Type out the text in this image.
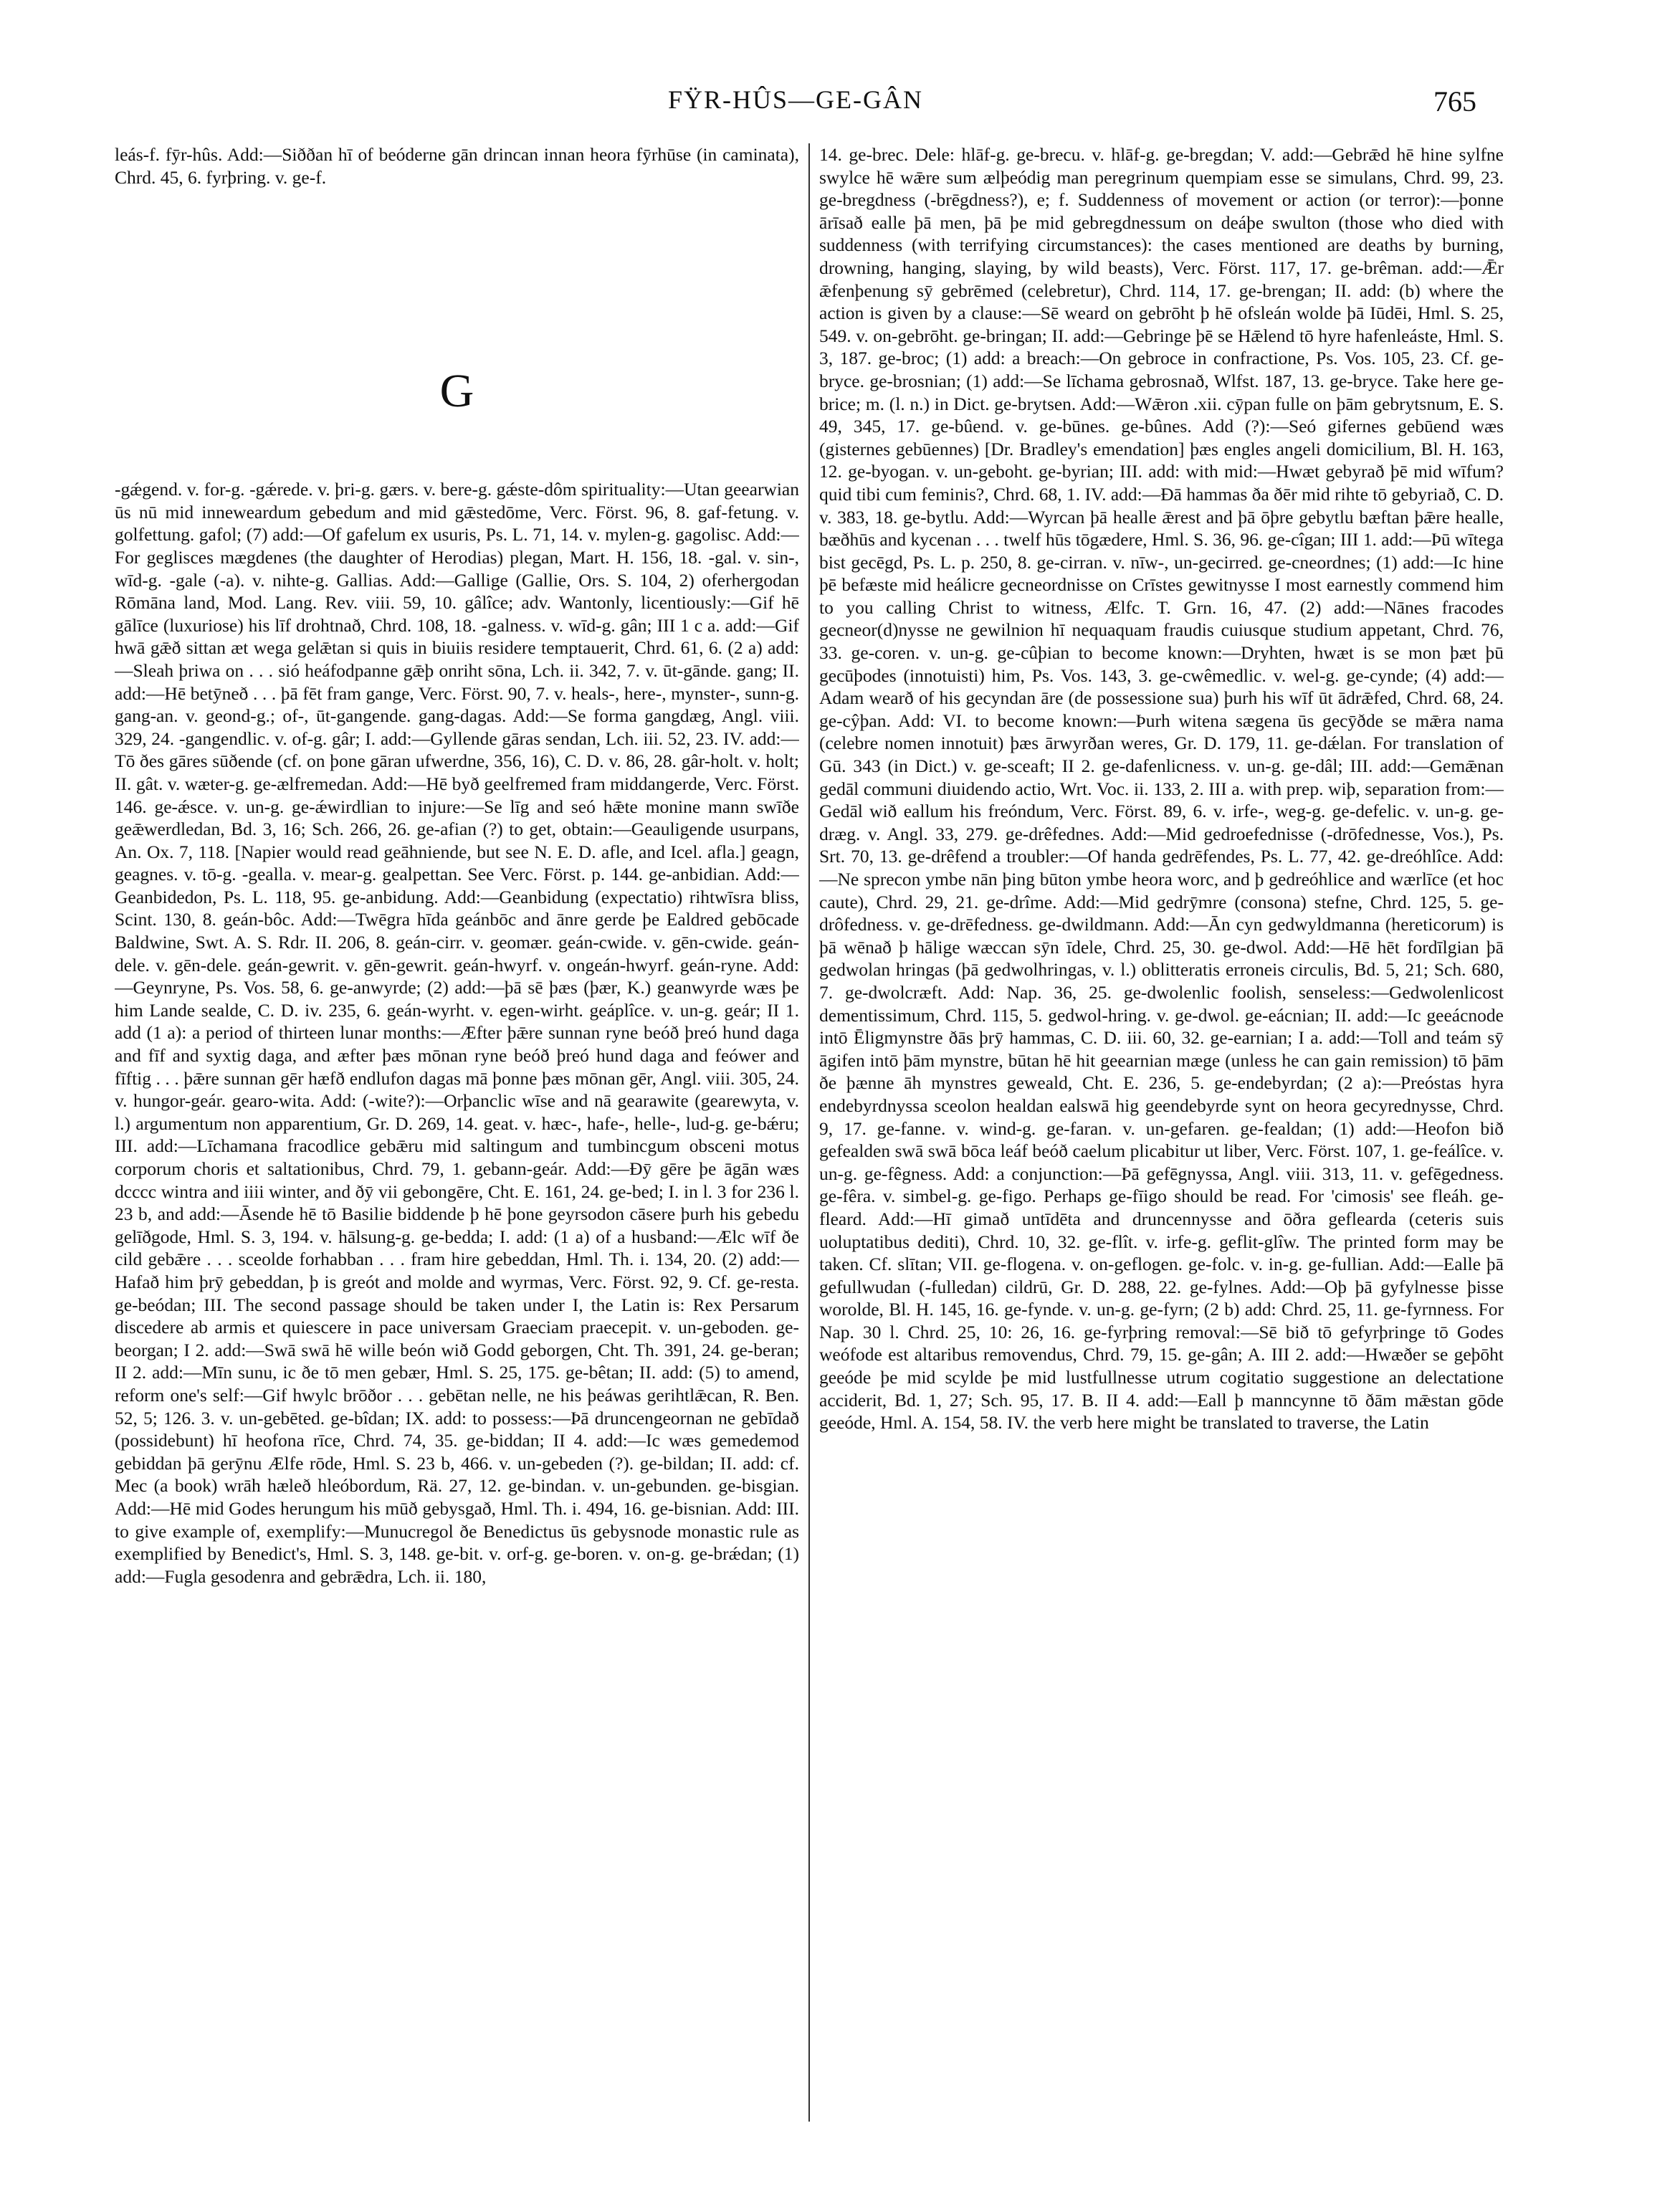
FŸR-HÛS—GE-GÂN	765

leás-f. fȳr-hûs. Add:—Siððan hī of beóderne gān drincan innan heora fȳrhūse (in caminata), Chrd. 45, 6. fyrþring. v. ge-f.

G

-gǽgend. v. for-g. -gǽrede. v. þri-g. gærs. v. bere-g. gǽste-dôm spirituality:—Utan geearwian ūs nū mid inneweardum gebedum and mid gǣstedōme, Verc. Först. 96, 8. gaf-fetung. v. golfettung. gafol; (7) add:—Of gafelum ex usuris, Ps. L. 71, 14. v. mylen-g. gagolisc. Add:—For geglisces mægdenes (the daughter of Herodias) plegan, Mart. H. 156, 18. -gal. v. sin-, wīd-g. -gale (-a). v. nihte-g. Gallias. Add:—Gallige (Gallie, Ors. S. 104, 2) oferhergodan Rōmāna land, Mod. Lang. Rev. viii. 59, 10. gâlîce; adv. Wantonly, licentiously:—Gif hē gālīce (luxuriose) his līf drohtnað, Chrd. 108, 18. -galness. v. wīd-g. gân; III 1 c a. add:—Gif hwā gǣð sittan æt wega gelǣtan si quis in biuiis residere temptauerit, Chrd. 61, 6. (2 a) add:—Sleah þriwa on . . . sió heáfodpanne gǣþ onriht sōna, Lch. ii. 342, 7. v. ūt-gānde. gang; II. add:—Hē betȳneð . . . þā fēt fram gange, Verc. Först. 90, 7. v. heals-, here-, mynster-, sunn-g. gang-an. v. geond-g.; of-, ūt-gangende. gang-dagas. Add:—Se forma gangdæg, Angl. viii. 329, 24. -gangendlic. v. of-g. gâr; I. add:—Gyllende gāras sendan, Lch. iii. 52, 23. IV. add:—Tō ðes gāres sūðende (cf. on þone gāran ufwerdne, 356, 16), C. D. v. 86, 28. gâr-holt. v. holt; II. gât. v. wæter-g. ge-ælfremedan. Add:—Hē byð geelfremed fram middangerde, Verc. Först. 146. ge-ǽsce. v. un-g. ge-ǽwirdlian to injure:—Se līg and seó hǣte monine mann swīðe geǣwerdledan, Bd. 3, 16; Sch. 266, 26. ge-afian (?) to get, obtain:—Geauligende usurpans, An. Ox. 7, 118. [Napier would read geāhniende, but see N. E. D. afle, and Icel. afla.] geagn, geagnes. v. tō-g. -gealla. v. mear-g. gealpettan. See Verc. Först. p. 144. ge-anbidian. Add:—Geanbidedon, Ps. L. 118, 95. ge-anbidung. Add:—Geanbidung (expectatio) rihtwīsra bliss, Scint. 130, 8. geán-bôc. Add:—Twēgra hīda geánbōc and ānre gerde þe Ealdred gebōcade Baldwine, Swt. A. S. Rdr. II. 206, 8. geán-cirr. v. geomær. geán-cwide. v. gēn-cwide. geán-dele. v. gēn-dele. geán-gewrit. v. gēn-gewrit. geán-hwyrf. v. ongeán-hwyrf. geán-ryne. Add:—Geynryne, Ps. Vos. 58, 6. ge-anwyrde; (2) add:—þā sē þæs (þær, K.) geanwyrde wæs þe him Lande sealde, C. D. iv. 235, 6. geán-wyrht. v. egen-wirht. geáplîce. v. un-g. geár; II 1. add (1 a): a period of thirteen lunar months:—Æfter þǣre sunnan ryne beóð þreó hund daga and fīf and syxtig daga, and æfter þæs mōnan ryne beóð þreó hund daga and feówer and fīftig . . . þǣre sunnan gēr hæfð endlufon dagas mā þonne þæs mōnan gēr, Angl. viii. 305, 24. v. hungor-geár. gearo-wita. Add: (-wite?):—Orþanclic wīse and nā gearawite (gearewyta, v. l.) argumentum non apparentium, Gr. D. 269, 14. geat. v. hæc-, hafe-, helle-, lud-g. ge-bǽru; III. add:—Līchamana fracodlice gebǣru mid saltingum and tumbincgum obsceni motus corporum choris et saltationibus, Chrd. 79, 1. gebann-geár. Add:—Ðȳ gēre þe āgān wæs dcccc wintra and iiii winter, and ðȳ vii gebongēre, Cht. E. 161, 24. ge-bed; I. in l. 3 for 236 l. 23 b, and add:—Āsende hē tō Basilie biddende þ hē þone geyrsodon cāsere þurh his gebedu gelīðgode, Hml. S. 3, 194. v. hālsung-g. ge-bedda; I. add: (1 a) of a husband:—Ælc wīf ðe cild gebǣre . . . sceolde forhabban . . . fram hire gebeddan, Hml. Th. i. 134, 20. (2) add:—Hafað him þrȳ gebeddan, þ is greót and molde and wyrmas, Verc. Först. 92, 9. Cf. ge-resta. ge-beódan; III. The second passage should be taken under I, the Latin is: Rex Persarum discedere ab armis et quiescere in pace universam Graeciam praecepit. v. un-geboden. ge-beorgan; I 2. add:—Swā swā hē wille beón wið Godd geborgen, Cht. Th. 391, 24. ge-beran; II 2. add:—Mīn sunu, ic ðe tō men gebær, Hml. S. 25, 175. ge-bêtan; II. add: (5) to amend, reform one's self:—Gif hwylc brōðor . . . gebētan nelle, ne his þeáwas gerihtlǣcan, R. Ben. 52, 5; 126. 3. v. un-gebēted. ge-bîdan; IX. add: to possess:—Þā druncengeornan ne gebīdað (possidebunt) hī heofona rīce, Chrd. 74, 35. ge-biddan; II 4. add:—Ic wæs gemedemod gebiddan þā gerȳnu Ælfe rōde, Hml. S. 23 b, 466. v. un-gebeden (?). ge-bildan; II. add: cf. Mec (a book) wrāh hæleð hleóbordum, Rä. 27, 12. ge-bindan. v. un-gebunden. ge-bisgian. Add:—Hē mid Godes herungum his mūð gebysgað, Hml. Th. i. 494, 16. ge-bisnian. Add: III. to give example of, exemplify:—Munucregol ðe Benedictus ūs gebysnode monastic rule as exemplified by Benedict's, Hml. S. 3, 148. ge-bit. v. orf-g. ge-boren. v. on-g. ge-brǽdan; (1) add:—Fugla gesodenra and gebrǣdra, Lch. ii. 180,

14. ge-brec. Dele: hlāf-g. ge-brecu. v. hlāf-g. ge-bregdan; V. add:—Gebrǣd hē hine sylfne swylce hē wǣre sum ælþeódig man peregrinum quempiam esse se simulans, Chrd. 99, 23. ge-bregdness (-brēgdness?), e; f. Suddenness of movement or action (or terror):—þonne ārīsað ealle þā men, þā þe mid gebregdnessum on deáþe swulton (those who died with suddenness (with terrifying circumstances): the cases mentioned are deaths by burning, drowning, hanging, slaying, by wild beasts), Verc. Först. 117, 17. ge-brêman. add:—Ǣr ǣfenþenung sȳ gebrēmed (celebretur), Chrd. 114, 17. ge-brengan; II. add: (b) where the action is given by a clause:—Sē weard on gebrōht þ hē ofsleán wolde þā Iūdēi, Hml. S. 25, 549. v. on-gebrōht. ge-bringan; II. add:—Gebringe þē se Hǣlend tō hyre hafenleáste, Hml. S. 3, 187. ge-broc; (1) add: a breach:—On gebroce in confractione, Ps. Vos. 105, 23. Cf. ge-bryce. ge-brosnian; (1) add:—Se līchama gebrosnað, Wlfst. 187, 13. ge-bryce. Take here ge-brice; m. (l. n.) in Dict. ge-brytsen. Add:—Wǣron .xii. cȳpan fulle on þām gebrytsnum, E. S. 49, 345, 17. ge-bûend. v. ge-būnes. ge-bûnes. Add (?):—Seó gifernes gebūend wæs (gisternes gebūennes) [Dr. Bradley's emendation] þæs engles angeli domicilium, Bl. H. 163, 12. ge-byogan. v. un-geboht. ge-byrian; III. add: with mid:—Hwæt gebyrað þē mid wīfum? quid tibi cum feminis?, Chrd. 68, 1. IV. add:—Ðā hammas ða ðēr mid rihte tō gebyriað, C. D. v. 383, 18. ge-bytlu. Add:—Wyrcan þā healle ǣrest and þā ōþre gebytlu bæftan þǣre healle, bæðhūs and kycenan . . . twelf hūs tōgædere, Hml. S. 36, 96. ge-cîgan; III 1. add:—Þū wītega bist gecēgd, Ps. L. p. 250, 8. ge-cirran. v. nīw-, un-gecirred. ge-cneordnes; (1) add:—Ic hine þē befæste mid heálicre gecneordnisse on Crīstes gewitnysse I most earnestly commend him to you calling Christ to witness, Ælfc. T. Grn. 16, 47. (2) add:—Nānes fracodes gecneor(d)nysse ne gewilnion hī nequaquam fraudis cuiusque studium appetant, Chrd. 76, 33. ge-coren. v. un-g. ge-cûþian to become known:—Dryhten, hwæt is se mon þæt þū gecūþodes (innotuisti) him, Ps. Vos. 143, 3. ge-cwêmedlic. v. wel-g. ge-cynde; (4) add:—Adam wearð of his gecyndan āre (de possessione sua) þurh his wīf ūt ādrǣfed, Chrd. 68, 24. ge-cŷþan. Add: VI. to become known:—Þurh witena sægena ūs gecȳðde se mǣra nama (celebre nomen innotuit) þæs ārwyrðan weres, Gr. D. 179, 11. ge-dǽlan. For translation of Gū. 343 (in Dict.) v. ge-sceaft; II 2. ge-dafenlicness. v. un-g. ge-dâl; III. add:—Gemǣnan gedāl communi diuidendo actio, Wrt. Voc. ii. 133, 2. III a. with prep. wiþ, separation from:—Gedāl wið eallum his freóndum, Verc. Först. 89, 6. v. irfe-, weg-g. ge-defelic. v. un-g. ge-dræg. v. Angl. 33, 279. ge-drêfednes. Add:—Mid gedroefednisse (-drōfednesse, Vos.), Ps. Srt. 70, 13. ge-drêfend a troubler:—Of handa gedrēfendes, Ps. L. 77, 42. ge-dreóhlîce. Add:—Ne sprecon ymbe nān þing būton ymbe heora worc, and þ gedreóhlice and wærlīce (et hoc caute), Chrd. 29, 21. ge-drîme. Add:—Mid gedrȳmre (consona) stefne, Chrd. 125, 5. ge-drôfedness. v. ge-drēfedness. ge-dwildmann. Add:—Ān cyn gedwyldmanna (hereticorum) is þā wēnað þ hālige wæccan sȳn īdele, Chrd. 25, 30. ge-dwol. Add:—Hē hēt fordīlgian þā gedwolan hringas (þā gedwolhringas, v. l.) oblitteratis erroneis circulis, Bd. 5, 21; Sch. 680, 7. ge-dwolcræft. Add: Nap. 36, 25. ge-dwolenlic foolish, senseless:—Gedwolenlicost dementissimum, Chrd. 115, 5. gedwol-hring. v. ge-dwol. ge-eácnian; II. add:—Ic geeácnode intō Ēligmynstre ðās þrȳ hammas, C. D. iii. 60, 32. ge-earnian; I a. add:—Toll and teám sȳ āgifen intō þām mynstre, būtan hē hit geearnian mæge (unless he can gain remission) tō þām ðe þænne āh mynstres geweald, Cht. E. 236, 5. ge-endebyrdan; (2 a):—Preóstas hyra endebyrdnyssa sceolon healdan ealswā hig geendebyrde synt on heora gecyrednysse, Chrd. 9, 17. ge-fanne. v. wind-g. ge-faran. v. un-gefaren. ge-fealdan; (1) add:—Heofon bið gefealden swā swā bōca leáf beóð caelum plicabitur ut liber, Verc. Först. 107, 1. ge-feálîce. v. un-g. ge-fêgness. Add: a conjunction:—Þā gefēgnyssa, Angl. viii. 313, 11. v. gefēgedness. ge-fêra. v. simbel-g. ge-figo. Perhaps ge-fīigo should be read. For 'cimosis' see fleáh. ge-fleard. Add:—Hī gimað untīdēta and druncennysse and ōðra geflearda (ceteris suis uoluptatibus dediti), Chrd. 10, 32. ge-flît. v. irfe-g. geflit-glîw. The printed form may be taken. Cf. slītan; VII. ge-flogena. v. on-geflogen. ge-folc. v. in-g. ge-fullian. Add:—Ealle þā gefullwudan (-fulledan) cildrū, Gr. D. 288, 22. ge-fylnes. Add:—Oþ þā gyfylnesse þisse worolde, Bl. H. 145, 16. ge-fynde. v. un-g. ge-fyrn; (2 b) add: Chrd. 25, 11. ge-fyrnness. For Nap. 30 l. Chrd. 25, 10: 26, 16. ge-fyrþring removal:—Sē bið tō gefyrþringe tō Godes weófode est altaribus removendus, Chrd. 79, 15. ge-gân; A. III 2. add:—Hwæðer se geþōht geeóde þe mid scylde þe mid lustfullnesse utrum cogitatio suggestione an delectatione acciderit, Bd. 1, 27; Sch. 95, 17. B. II 4. add:—Eall þ manncynne tō ðām mǣstan gōde geeóde, Hml. A. 154, 58. IV. the verb here might be translated to traverse, the Latin
